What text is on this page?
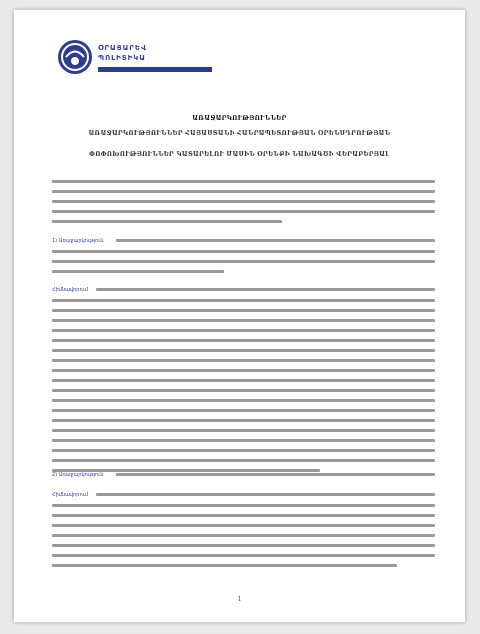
ՕՐԱՑԱՐԵՎ
ՊՈԼԻՏԻԿԱ
ԱՌԱՋԱՐԿՈՒԹՅՈՒՆՆԵՐ
ԱՌԱՋԱՐԿՈՒԹՅՈՒՆՆԵՐ ՀԱՅԱՍՏԱՆԻ ՀԱՆՐԱՊԵՏՈՒԹՅԱՆ ՕՐԵՆՍԴՐՈՒԹՅԱՆ
ՓՈՓՈԽՈՒԹՅՈՒՆՆԵՐ ԿԱՏԱՐԵԼՈՒ ՄԱՍԻՆ ՕՐԵՆՔԻ ՆԱԽԱԳԾԻ ՎԵՐԱԲԵՐՅԱԼ
1) Առաջարկություն
Հիմնավորում
2) Առաջարկություն
Հիմնավորում
1
